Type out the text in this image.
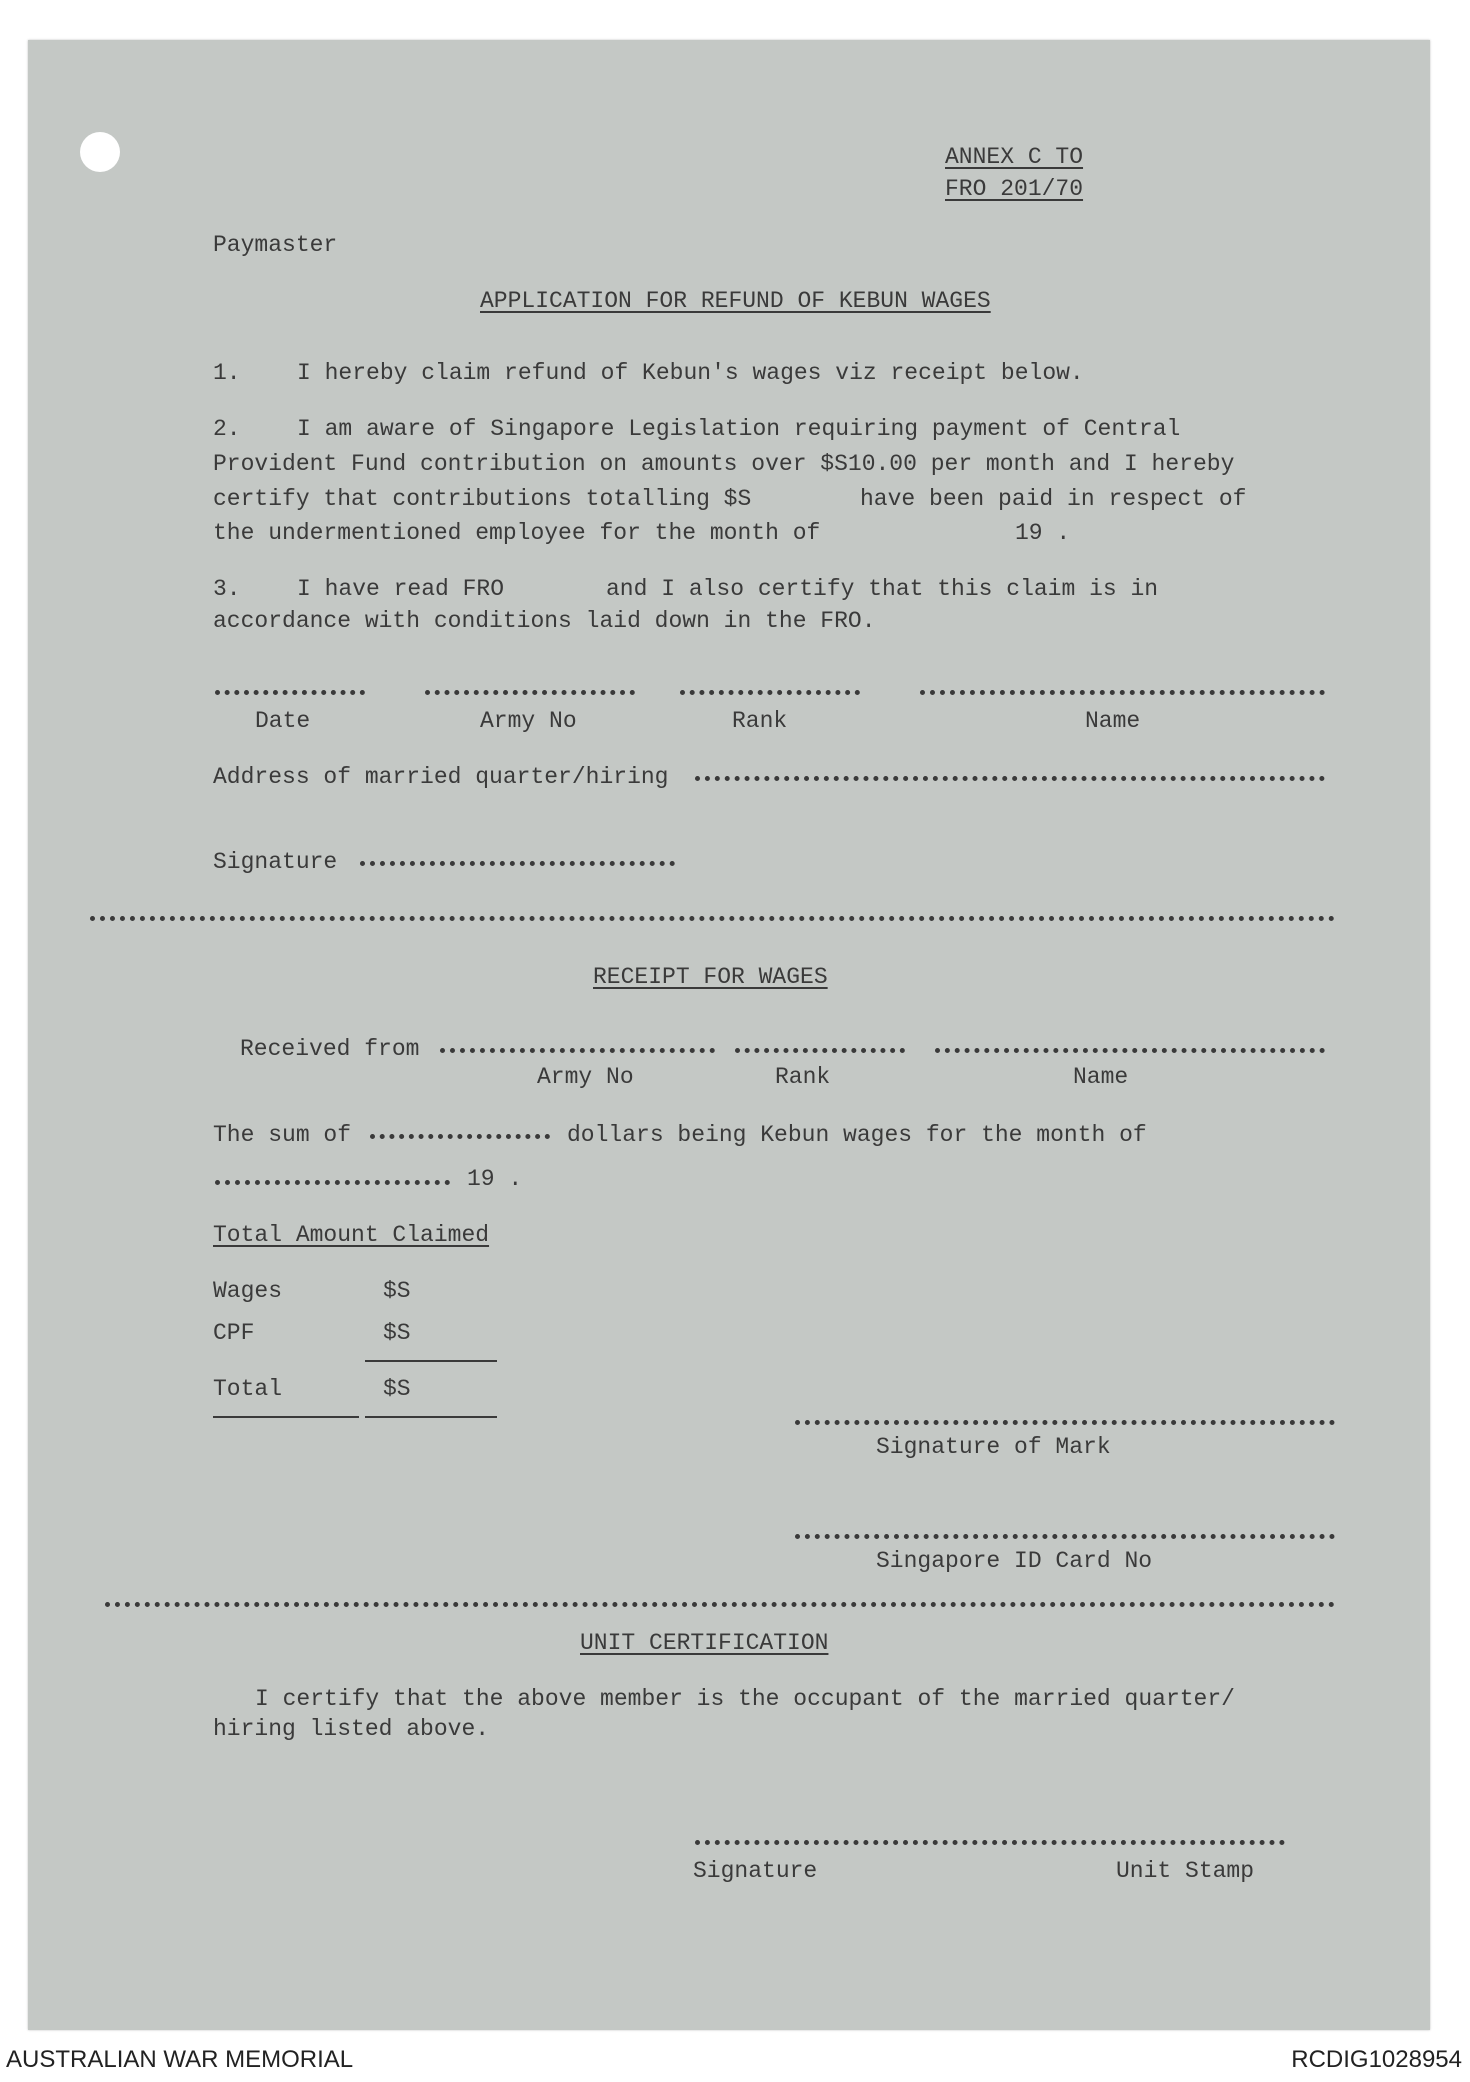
ANNEX C TO
FRO 201/70
Paymaster
APPLICATION FOR REFUND OF KEBUN WAGES
1. I hereby claim refund of Kebun's wages viz receipt below.
2. I am aware of Singapore Legislation requiring payment of Central
Provident Fund contribution on amounts over $S10.00 per month and I hereby
certify that contributions totalling $S	have been paid in respect of
the undermentioned employee for the month of	19 .
3. I have read FRO	and I also certify that this claim is in
accordance with conditions laid down in the FRO.
Date	Army No	Rank	Name
Address of married quarter/hiring
Signature
RECEIPT FOR WAGES
Received from
Army No	Rank	Name
The sum of	dollars being Kebun wages for the month of
19 .
Total Amount Claimed
Wages	$S
CPF	$S
Total	$S
Signature of Mark
Singapore ID Card No
UNIT CERTIFICATION
I certify that the above member is the occupant of the married quarter/
hiring listed above.
Signature	Unit Stamp
AUSTRALIAN WAR MEMORIAL	RCDIG1028954
